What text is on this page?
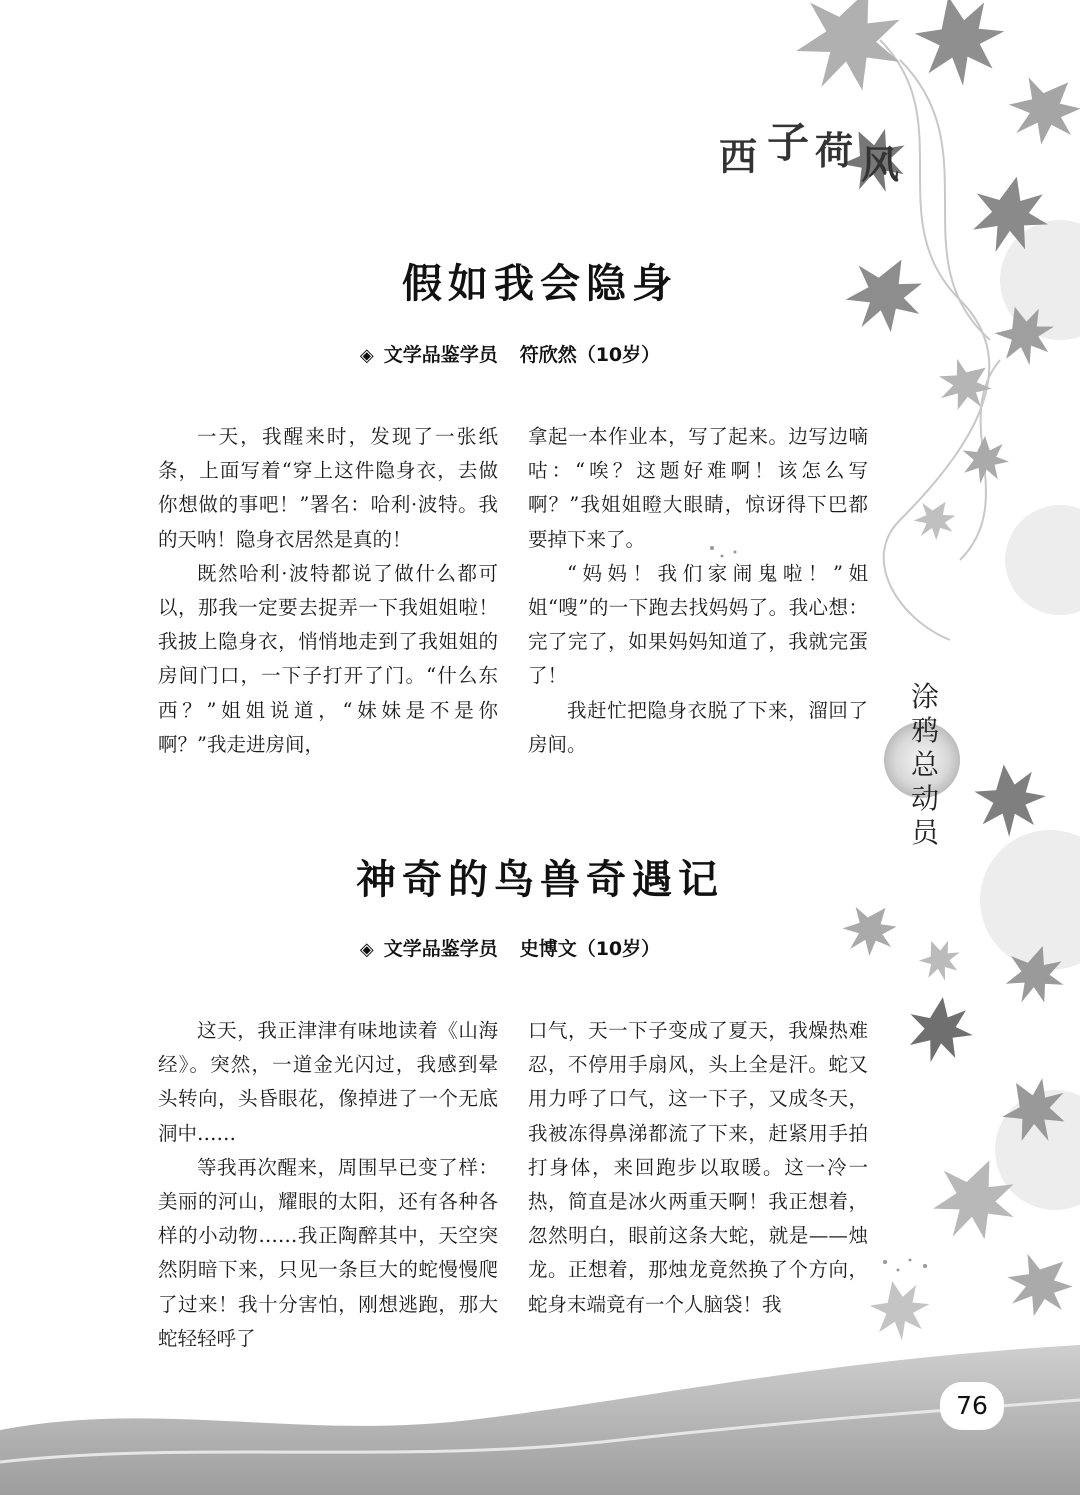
西 子 荷 风
涂
鸦
总
动
员
假如我会隐身
◈ 文学品鉴学员 符欣然（10岁）

一天，我醒来时，发现了一张纸条，上面写着“穿上这件隐身衣，去做你想做的事吧！”署名：哈利·波特。我的天呐！隐身衣居然是真的！

既然哈利·波特都说了做什么都可以，那我一定要去捉弄一下我姐姐啦！我披上隐身衣，悄悄地走到了我姐姐的房间门口，一下子打开了门。“什么东西？”姐姐说道，“妹妹是不是你啊？”我走进房间，

拿起一本作业本，写了起来。边写边嘀咕：“唉？这题好难啊！该怎么写啊？”我姐姐瞪大眼睛，惊讶得下巴都要掉下来了。

“妈妈！我们家闹鬼啦！”姐姐“嗖”的一下跑去找妈妈了。我心想：完了完了，如果妈妈知道了，我就完蛋了！

我赶忙把隐身衣脱了下来，溜回了房间。

神奇的鸟兽奇遇记
◈ 文学品鉴学员 史博文（10岁）

这天，我正津津有味地读着《山海经》。突然，一道金光闪过，我感到晕头转向，头昏眼花，像掉进了一个无底洞中……

等我再次醒来，周围早已变了样：美丽的河山，耀眼的太阳，还有各种各样的小动物……我正陶醉其中，天空突然阴暗下来，只见一条巨大的蛇慢慢爬了过来！我十分害怕，刚想逃跑，那大蛇轻轻呼了

口气，天一下子变成了夏天，我燥热难忍，不停用手扇风，头上全是汗。蛇又用力呼了口气，这一下子，又成冬天，我被冻得鼻涕都流了下来，赶紧用手拍打身体，来回跑步以取暖。这一冷一热，简直是冰火两重天啊！我正想着，忽然明白，眼前这条大蛇，就是——烛龙。正想着，那烛龙竟然换了个方向，蛇身末端竟有一个人脑袋！我

76
